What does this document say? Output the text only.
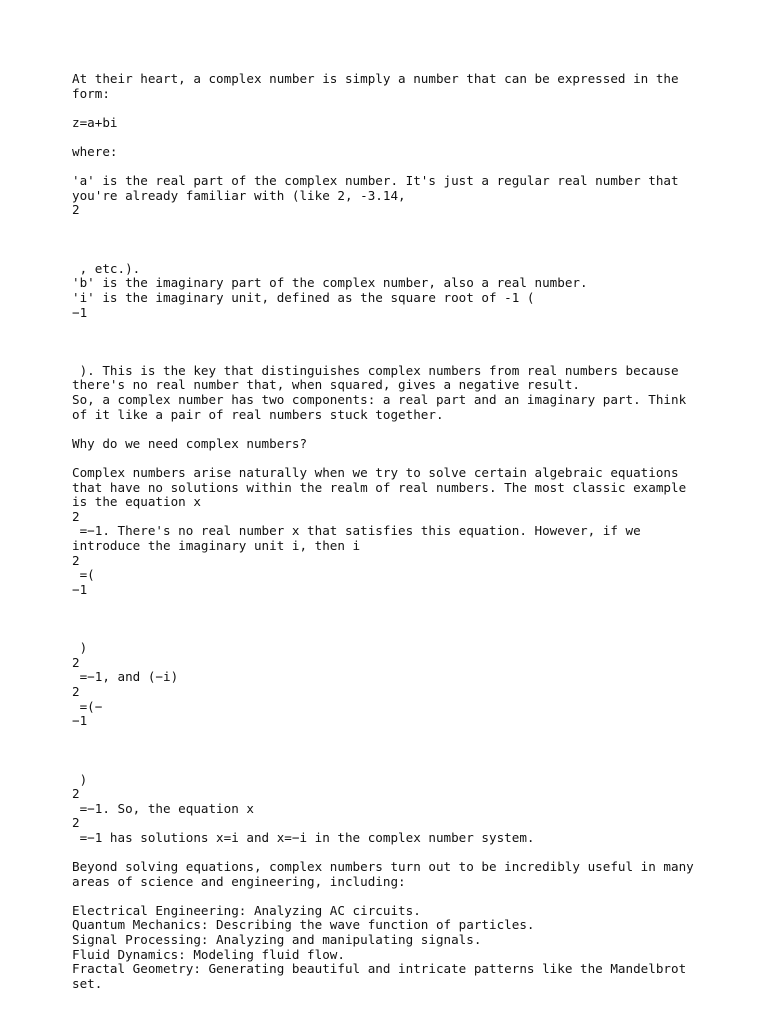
At their heart, a complex number is simply a number that can be expressed in the
form:
z=a+bi
where:
'a' is the real part of the complex number. It's just a regular real number that
you're already familiar with (like 2, -3.14,
2
, etc.).
'b' is the imaginary part of the complex number, also a real number.
'i' is the imaginary unit, defined as the square root of -1 (
−1
). This is the key that distinguishes complex numbers from real numbers because
there's no real number that, when squared, gives a negative result.
So, a complex number has two components: a real part and an imaginary part. Think
of it like a pair of real numbers stuck together.
Why do we need complex numbers?
Complex numbers arise naturally when we try to solve certain algebraic equations
that have no solutions within the realm of real numbers. The most classic example
is the equation x
2
=−1. There's no real number x that satisfies this equation. However, if we
introduce the imaginary unit i, then i
2
=(
−1
)
2
=−1, and (−i)
2
=(−
−1
)
2
=−1. So, the equation x
2
=−1 has solutions x=i and x=−i in the complex number system.
Beyond solving equations, complex numbers turn out to be incredibly useful in many
areas of science and engineering, including:
Electrical Engineering: Analyzing AC circuits.
Quantum Mechanics: Describing the wave function of particles.
Signal Processing: Analyzing and manipulating signals.
Fluid Dynamics: Modeling fluid flow.
Fractal Geometry: Generating beautiful and intricate patterns like the Mandelbrot
set.
